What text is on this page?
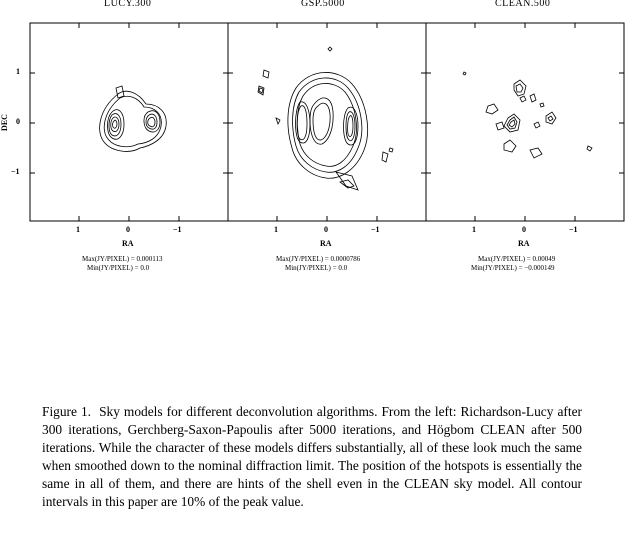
LUCY.300	GSP.5000	CLEAN.500
1	0	−1	1	0	−1	1	0	−1
1
0
−1
RA	RA	RA
DEC
Max(JY/PIXEL) = 0.000113
Min(JY/PIXEL) = 0.0
Max(JY/PIXEL) = 0.0000786
Min(JY/PIXEL) = 0.0
Max(JY/PIXEL) = 0.00049
Min(JY/PIXEL) = −0.000149
Figure 1. Sky models for different deconvolution algorithms. From the left: Richardson-Lucy after 300 iterations, Gerchberg-Saxon-Papoulis after 5000 iterations, and Högbom CLEAN after 500 iterations. While the character of these models differs substantially, all of these look much the same when smoothed down to the nominal diffraction limit. The position of the hotspots is essentially the same in all of them, and there are hints of the shell even in the CLEAN sky model. All contour intervals in this paper are 10% of the peak value.
